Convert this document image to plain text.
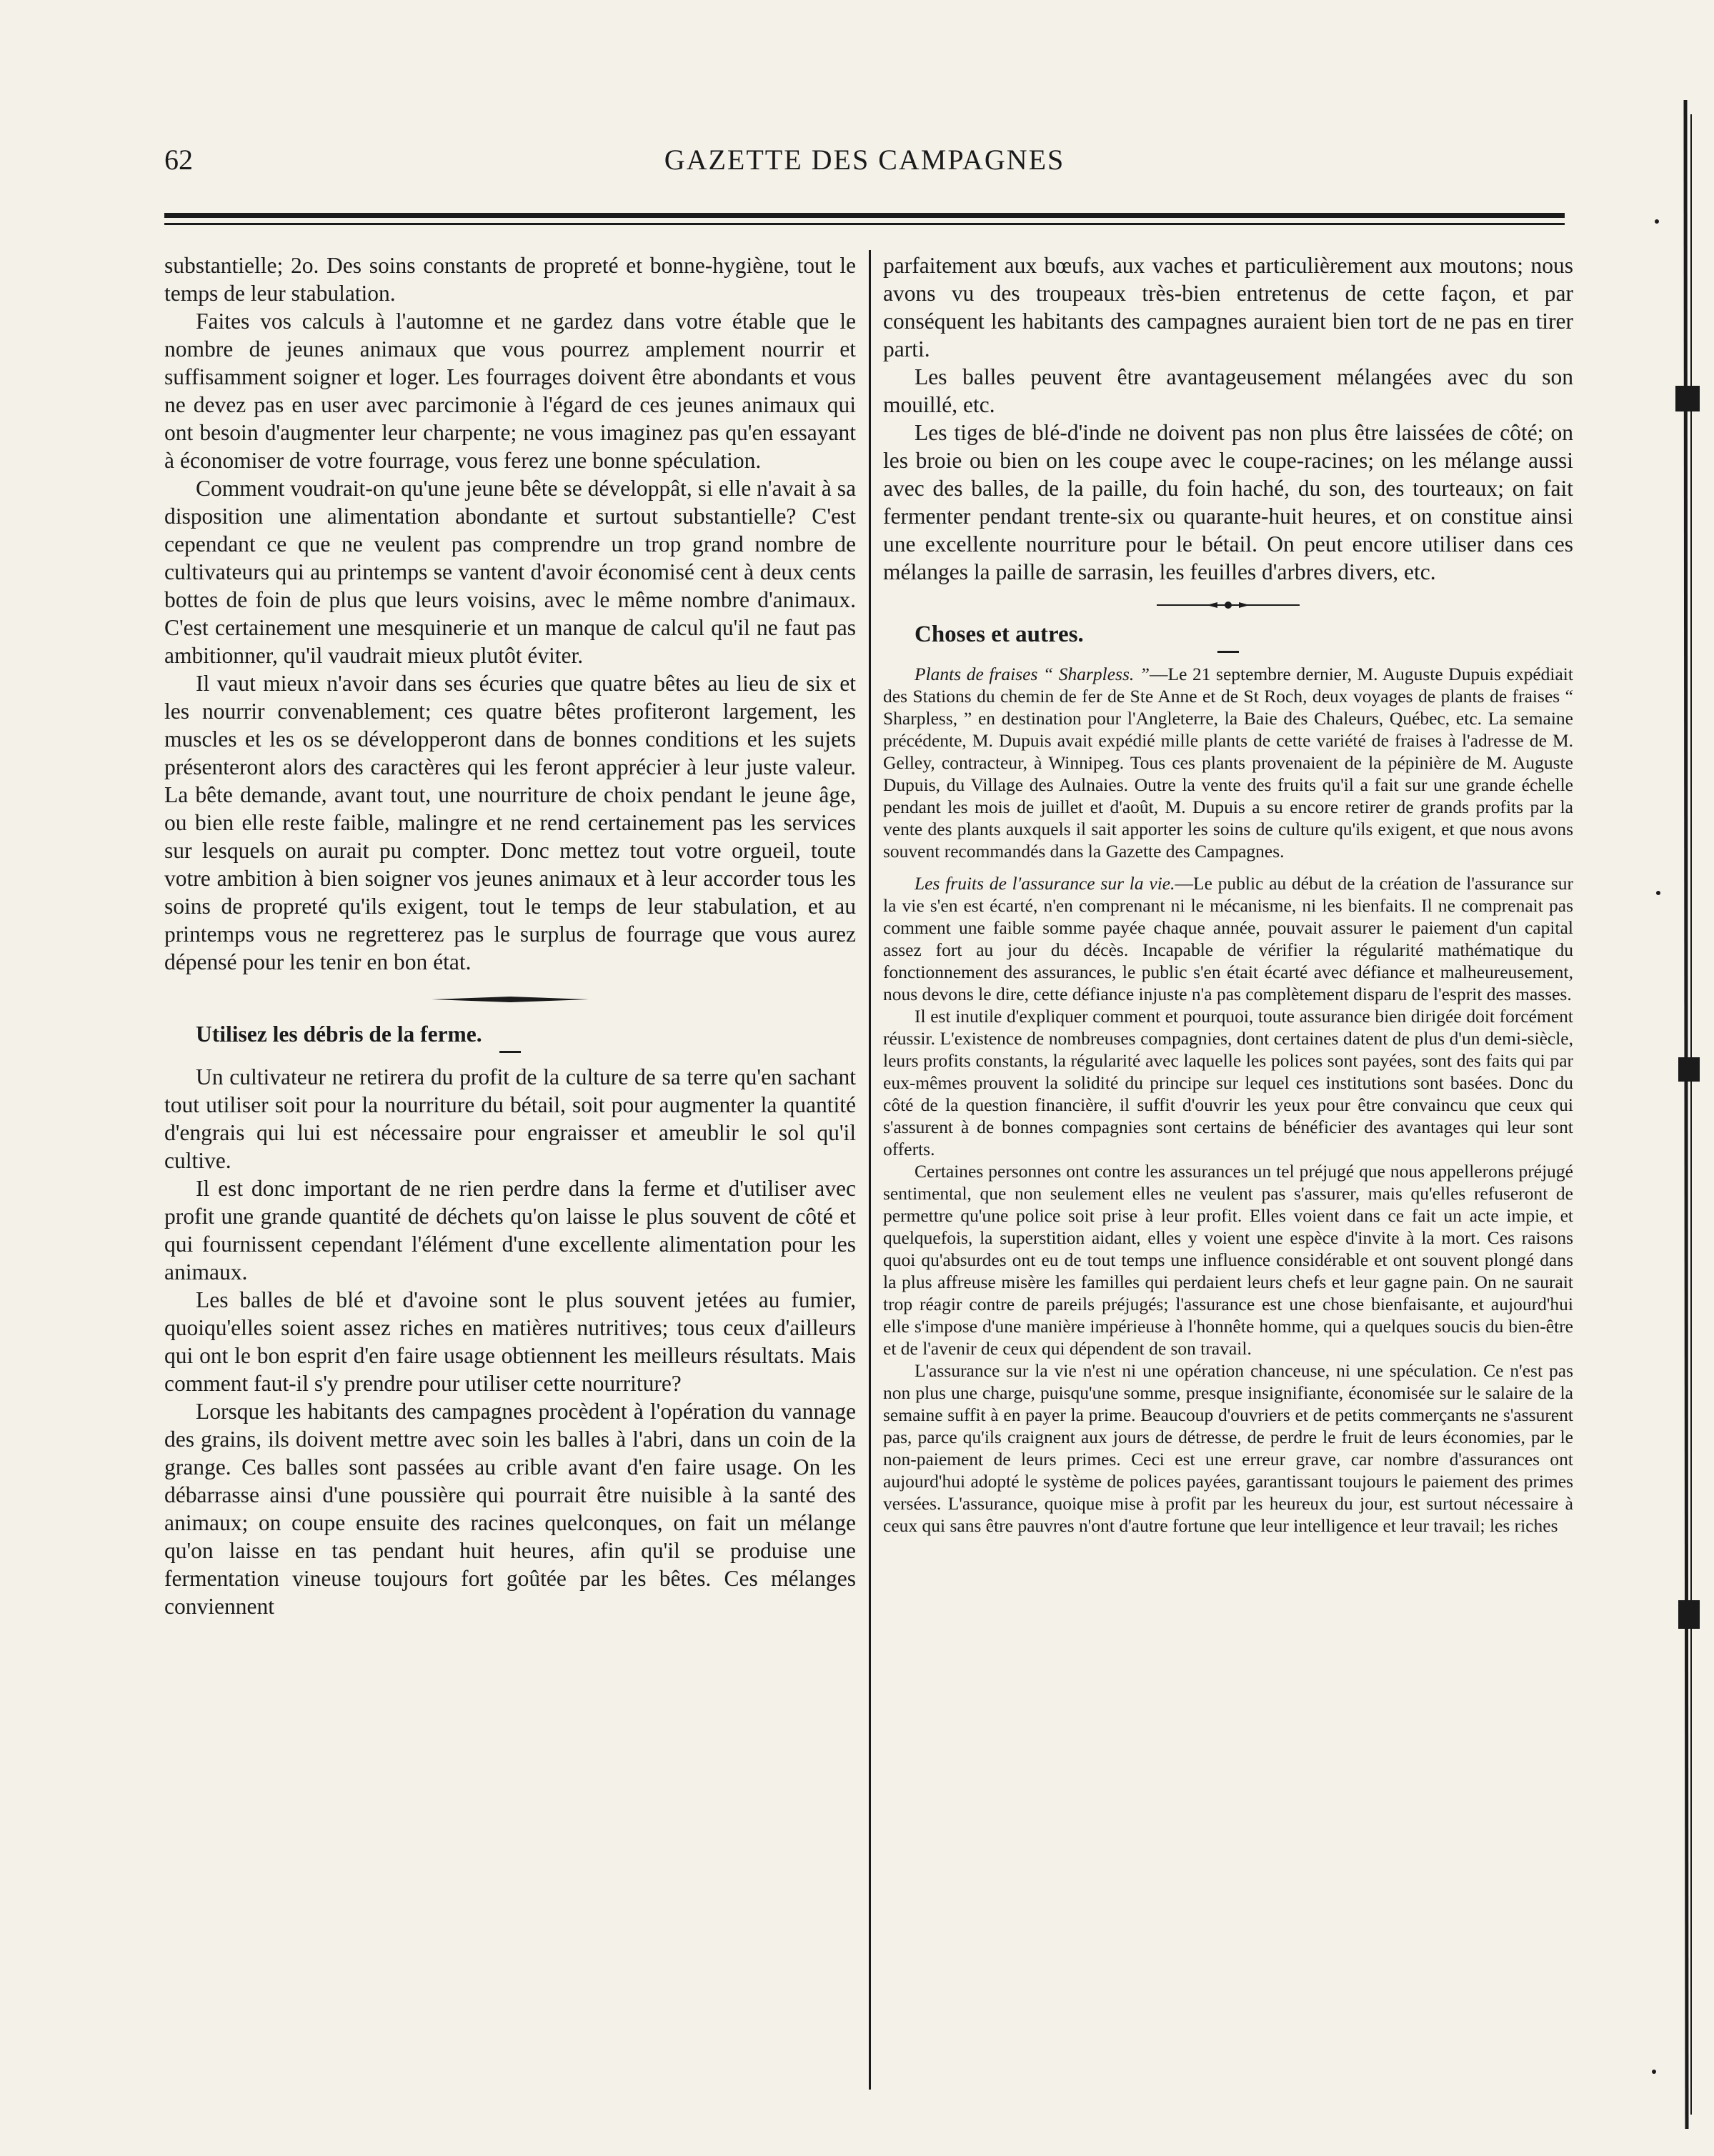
62	GAZETTE DES CAMPAGNES

substantielle; 2o. Des soins constants de propreté et bonne-hygiène, tout le temps de leur stabulation.

Faites vos calculs à l'automne et ne gardez dans votre étable que le nombre de jeunes animaux que vous pourrez amplement nourrir et suffisamment soigner et loger. Les fourrages doivent être abondants et vous ne devez pas en user avec parcimonie à l'égard de ces jeunes animaux qui ont besoin d'augmenter leur charpente; ne vous imaginez pas qu'en essayant à économiser de votre fourrage, vous ferez une bonne spéculation.

Comment voudrait-on qu'une jeune bête se développât, si elle n'avait à sa disposition une alimentation abondante et surtout substantielle? C'est cependant ce que ne veulent pas comprendre un trop grand nombre de cultivateurs qui au printemps se vantent d'avoir économisé cent à deux cents bottes de foin de plus que leurs voisins, avec le même nombre d'animaux. C'est certainement une mesquinerie et un manque de calcul qu'il ne faut pas ambitionner, qu'il vaudrait mieux plutôt éviter.

Il vaut mieux n'avoir dans ses écuries que quatre bêtes au lieu de six et les nourrir convenablement; ces quatre bêtes profiteront largement, les muscles et les os se développeront dans de bonnes conditions et les sujets présenteront alors des caractères qui les feront apprécier à leur juste valeur. La bête demande, avant tout, une nourriture de choix pendant le jeune âge, ou bien elle reste faible, malingre et ne rend certainement pas les services sur lesquels on aurait pu compter. Donc mettez tout votre orgueil, toute votre ambition à bien soigner vos jeunes animaux et à leur accorder tous les soins de propreté qu'ils exigent, tout le temps de leur stabulation, et au printemps vous ne regretterez pas le surplus de fourrage que vous aurez dépensé pour les tenir en bon état.

Utilisez les débris de la ferme.

Un cultivateur ne retirera du profit de la culture de sa terre qu'en sachant tout utiliser soit pour la nourriture du bétail, soit pour augmenter la quantité d'engrais qui lui est nécessaire pour engraisser et ameublir le sol qu'il cultive.

Il est donc important de ne rien perdre dans la ferme et d'utiliser avec profit une grande quantité de déchets qu'on laisse le plus souvent de côté et qui fournissent cependant l'élément d'une excellente alimentation pour les animaux.

Les balles de blé et d'avoine sont le plus souvent jetées au fumier, quoiqu'elles soient assez riches en matières nutritives; tous ceux d'ailleurs qui ont le bon esprit d'en faire usage obtiennent les meilleurs résultats. Mais comment faut-il s'y prendre pour utiliser cette nourriture?

Lorsque les habitants des campagnes procèdent à l'opération du vannage des grains, ils doivent mettre avec soin les balles à l'abri, dans un coin de la grange. Ces balles sont passées au crible avant d'en faire usage. On les débarrasse ainsi d'une poussière qui pourrait être nuisible à la santé des animaux; on coupe ensuite des racines quelconques, on fait un mélange qu'on laisse en tas pendant huit heures, afin qu'il se produise une fermentation vineuse toujours fort goûtée par les bêtes. Ces mélanges conviennent

parfaitement aux bœufs, aux vaches et particulièrement aux moutons; nous avons vu des troupeaux très-bien entretenus de cette façon, et par conséquent les habitants des campagnes auraient bien tort de ne pas en tirer parti.

Les balles peuvent être avantageusement mélangées avec du son mouillé, etc.

Les tiges de blé-d'inde ne doivent pas non plus être laissées de côté; on les broie ou bien on les coupe avec le coupe-racines; on les mélange aussi avec des balles, de la paille, du foin haché, du son, des tourteaux; on fait fermenter pendant trente-six ou quarante-huit heures, et on constitue ainsi une excellente nourriture pour le bétail. On peut encore utiliser dans ces mélanges la paille de sarrasin, les feuilles d'arbres divers, etc.

Choses et autres.

Plants de fraises “ Sharpless. ”—Le 21 septembre dernier, M. Auguste Dupuis expédiait des Stations du chemin de fer de Ste Anne et de St Roch, deux voyages de plants de fraises “ Sharpless, ” en destination pour l'Angleterre, la Baie des Chaleurs, Québec, etc. La semaine précédente, M. Dupuis avait expédié mille plants de cette variété de fraises à l'adresse de M. Gelley, contracteur, à Winnipeg. Tous ces plants provenaient de la pépinière de M. Auguste Dupuis, du Village des Aulnaies. Outre la vente des fruits qu'il a fait sur une grande échelle pendant les mois de juillet et d'août, M. Dupuis a su encore retirer de grands profits par la vente des plants auxquels il sait apporter les soins de culture qu'ils exigent, et que nous avons souvent recommandés dans la Gazette des Campagnes.

Les fruits de l'assurance sur la vie.—Le public au début de la création de l'assurance sur la vie s'en est écarté, n'en comprenant ni le mécanisme, ni les bienfaits. Il ne comprenait pas comment une faible somme payée chaque année, pouvait assurer le paiement d'un capital assez fort au jour du décès. Incapable de vérifier la régularité mathématique du fonctionnement des assurances, le public s'en était écarté avec défiance et malheureusement, nous devons le dire, cette défiance injuste n'a pas complètement disparu de l'esprit des masses.

Il est inutile d'expliquer comment et pourquoi, toute assurance bien dirigée doit forcément réussir. L'existence de nombreuses compagnies, dont certaines datent de plus d'un demi-siècle, leurs profits constants, la régularité avec laquelle les polices sont payées, sont des faits qui par eux-mêmes prouvent la solidité du principe sur lequel ces institutions sont basées. Donc du côté de la question financière, il suffit d'ouvrir les yeux pour être convaincu que ceux qui s'assurent à de bonnes compagnies sont certains de bénéficier des avantages qui leur sont offerts.

Certaines personnes ont contre les assurances un tel préjugé que nous appellerons préjugé sentimental, que non seulement elles ne veulent pas s'assurer, mais qu'elles refuseront de permettre qu'une police soit prise à leur profit. Elles voient dans ce fait un acte impie, et quelquefois, la superstition aidant, elles y voient une espèce d'invite à la mort. Ces raisons quoi qu'absurdes ont eu de tout temps une influence considérable et ont souvent plongé dans la plus affreuse misère les familles qui perdaient leurs chefs et leur gagne pain. On ne saurait trop réagir contre de pareils préjugés; l'assurance est une chose bienfaisante, et aujourd'hui elle s'impose d'une manière impérieuse à l'honnête homme, qui a quelques soucis du bien-être et de l'avenir de ceux qui dépendent de son travail.

L'assurance sur la vie n'est ni une opération chanceuse, ni une spéculation. Ce n'est pas non plus une charge, puisqu'une somme, presque insignifiante, économisée sur le salaire de la semaine suffit à en payer la prime. Beaucoup d'ouvriers et de petits commerçants ne s'assurent pas, parce qu'ils craignent aux jours de détresse, de perdre le fruit de leurs économies, par le non-paiement de leurs primes. Ceci est une erreur grave, car nombre d'assurances ont aujourd'hui adopté le système de polices payées, garantissant toujours le paiement des primes versées. L'assurance, quoique mise à profit par les heureux du jour, est surtout nécessaire à ceux qui sans être pauvres n'ont d'autre fortune que leur intelligence et leur travail; les riches
